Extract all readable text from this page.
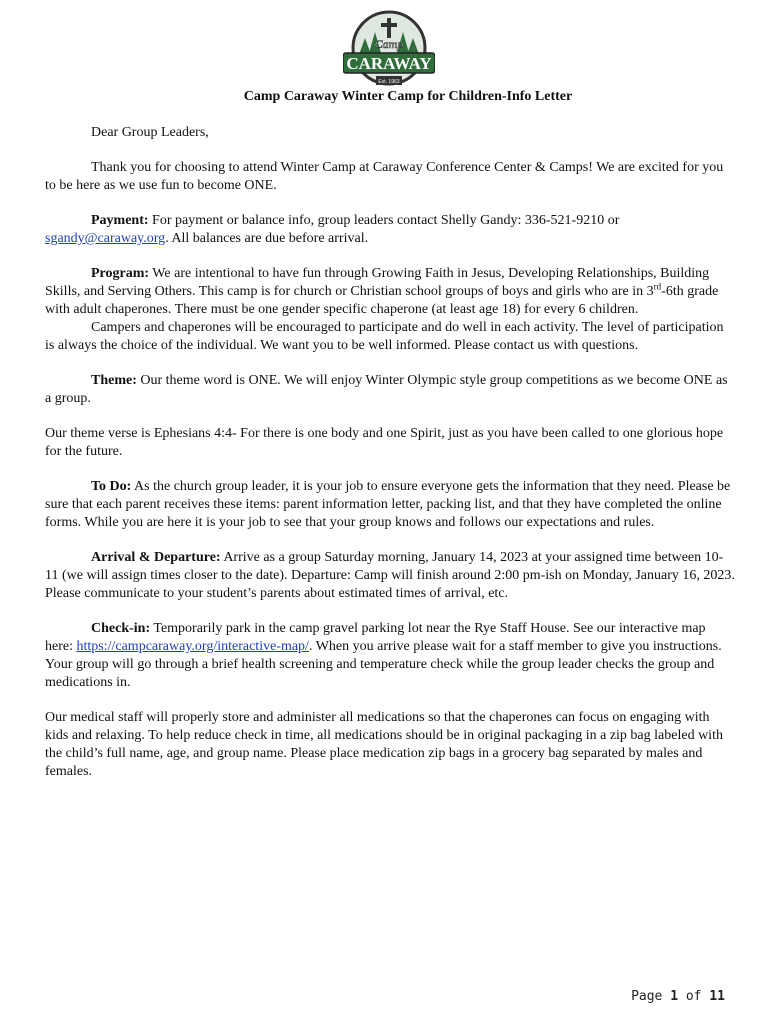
Camp
CARAWAY
Est. 1963
Camp Caraway Winter Camp for Children-Info Letter

Dear Group Leaders,

Thank you for choosing to attend Winter Camp at Caraway Conference Center & Camps! We are excited for you to be here as we use fun to become ONE.

Payment: For payment or balance info, group leaders contact Shelly Gandy: 336-521-9210 or sgandy@caraway.org. All balances are due before arrival.

Program: We are intentional to have fun through Growing Faith in Jesus, Developing Relationships, Building Skills, and Serving Others. This camp is for church or Christian school groups of boys and girls who are in 3rd-6th grade with adult chaperones. There must be one gender specific chaperone (at least age 18) for every 6 children.

Campers and chaperones will be encouraged to participate and do well in each activity. The level of participation is always the choice of the individual. We want you to be well informed. Please contact us with questions.

Theme: Our theme word is ONE. We will enjoy Winter Olympic style group competitions as we become ONE as a group.

Our theme verse is Ephesians 4:4- For there is one body and one Spirit, just as you have been called to one glorious hope for the future.

To Do: As the church group leader, it is your job to ensure everyone gets the information that they need. Please be sure that each parent receives these items: parent information letter, packing list, and that they have completed the online forms. While you are here it is your job to see that your group knows and follows our expectations and rules.

Arrival & Departure: Arrive as a group Saturday morning, January 14, 2023 at your assigned time between 10-11 (we will assign times closer to the date). Departure: Camp will finish around 2:00 pm-ish on Monday, January 16, 2023. Please communicate to your student’s parents about estimated times of arrival, etc.

Check-in: Temporarily park in the camp gravel parking lot near the Rye Staff House. See our interactive map here: https://campcaraway.org/interactive-map/. When you arrive please wait for a staff member to give you instructions. Your group will go through a brief health screening and temperature check while the group leader checks the group and medications in.

Our medical staff will properly store and administer all medications so that the chaperones can focus on engaging with kids and relaxing. To help reduce check in time, all medications should be in original packaging in a zip bag labeled with the child’s full name, age, and group name. Please place medication zip bags in a grocery bag separated by males and females.

Page 1 of 11
